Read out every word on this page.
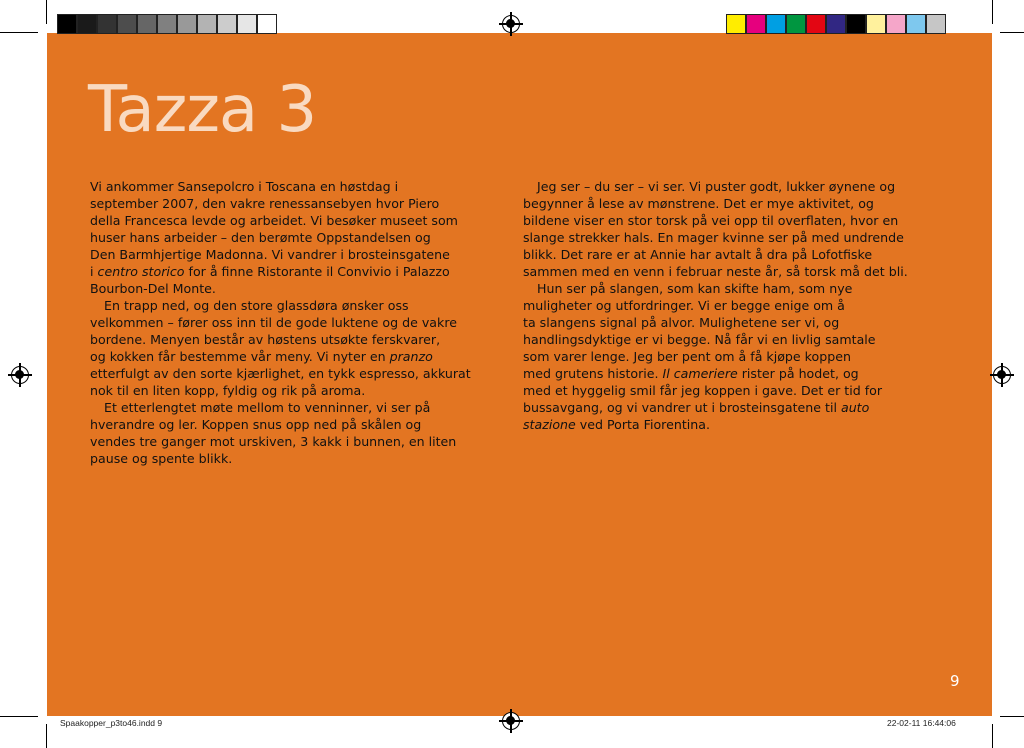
Tazza 3

Vi ankommer Sansepolcro i Toscana en høstdag i
september 2007, den vakre renessansebyen hvor Piero
della Francesca levde og arbeidet. Vi besøker museet som
huser hans arbeider – den berømte Oppstandelsen og
Den Barmhjertige Madonna. Vi vandrer i brosteinsgatene
i centro storico for å finne Ristorante il Convivio i Palazzo
Bourbon-Del Monte.

En trapp ned, og den store glassdøra ønsker oss
velkommen – fører oss inn til de gode luktene og de vakre
bordene. Menyen består av høstens utsøkte ferskvarer,
og kokken får bestemme vår meny. Vi nyter en pranzo
etterfulgt av den sorte kjærlighet, en tykk espresso, akkurat
nok til en liten kopp, fyldig og rik på aroma.

Et etterlengtet møte mellom to venninner, vi ser på
hverandre og ler. Koppen snus opp ned på skålen og
vendes tre ganger mot urskiven, 3 kakk i bunnen, en liten
pause og spente blikk.

Jeg ser – du ser – vi ser. Vi puster godt, lukker øynene og
begynner å lese av mønstrene. Det er mye aktivitet, og
bildene viser en stor torsk på vei opp til overflaten, hvor en
slange strekker hals. En mager kvinne ser på med undrende
blikk. Det rare er at Annie har avtalt å dra på Lofotfiske
sammen med en venn i februar neste år, så torsk må det bli.

Hun ser på slangen, som kan skifte ham, som nye
muligheter og utfordringer. Vi er begge enige om å
ta slangens signal på alvor. Mulighetene ser vi, og
handlingsdyktige er vi begge. Nå får vi en livlig samtale
som varer lenge. Jeg ber pent om å få kjøpe koppen
med grutens historie. Il cameriere rister på hodet, og
med et hyggelig smil får jeg koppen i gave. Det er tid for
bussavgang, og vi vandrer ut i brosteinsgatene til auto
stazione ved Porta Fiorentina.

9
Spaakopper_p3to46.indd 9	22-02-11 16:44:06
